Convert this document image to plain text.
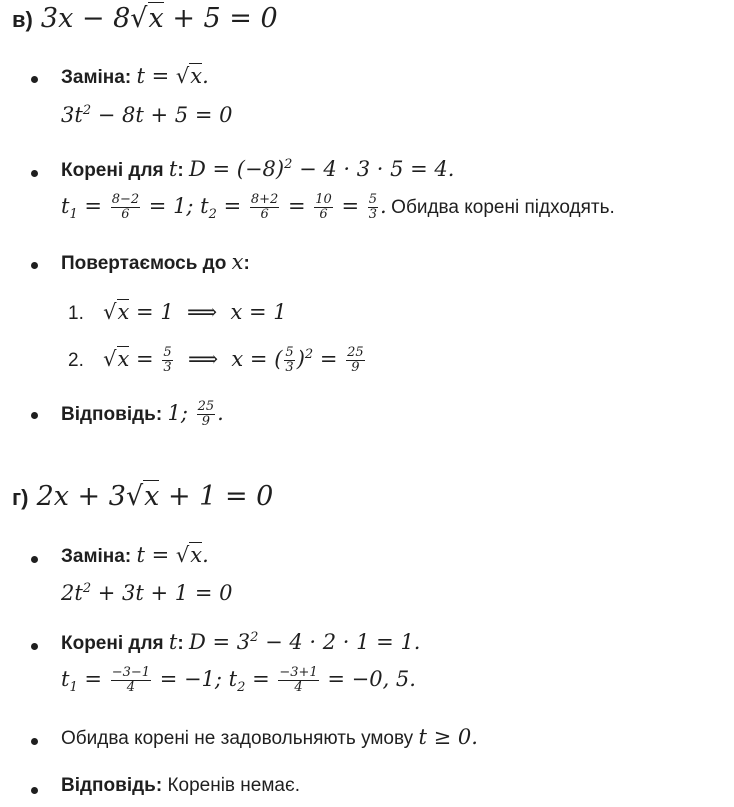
в) 3x − 8√x + 5 = 0
Заміна: t = √x.
$3t^2 - 8t + 5 = 0$
Корені для t: $D = (-8)^2 - 4 \cdot 3 \cdot 5 = 4$.
$t_1 = \frac{8-2}{6} = 1$; $t_2 = \frac{8+2}{6} = \frac{10}{6} = \frac{5}{3}$ . Обидва корені підходять.
Повертаємось до x:
1. √x = 1  ⟹  x = 1
2. $√x = \frac{5}{3}$ ⟹  x = ( $\frac{5}{3} )^2 = \frac{25}{9}$
Відповідь: 1; $\frac{25}{9}$ .
г) 2x + 3√x + 1 = 0
Заміна: t = √x.
$2t^2 + 3t + 1 = 0$
Корені для t: $D = 3^2 - 4 \cdot 2 \cdot 1 = 1$.
$t_1 = \frac{-3-1}{4} = -1$; $t_2 = \frac{-3+1}{4} = -0$, 5.
Обидва корені не задовольняють умову t ≥ 0.
Відповідь: Коренів немає.
